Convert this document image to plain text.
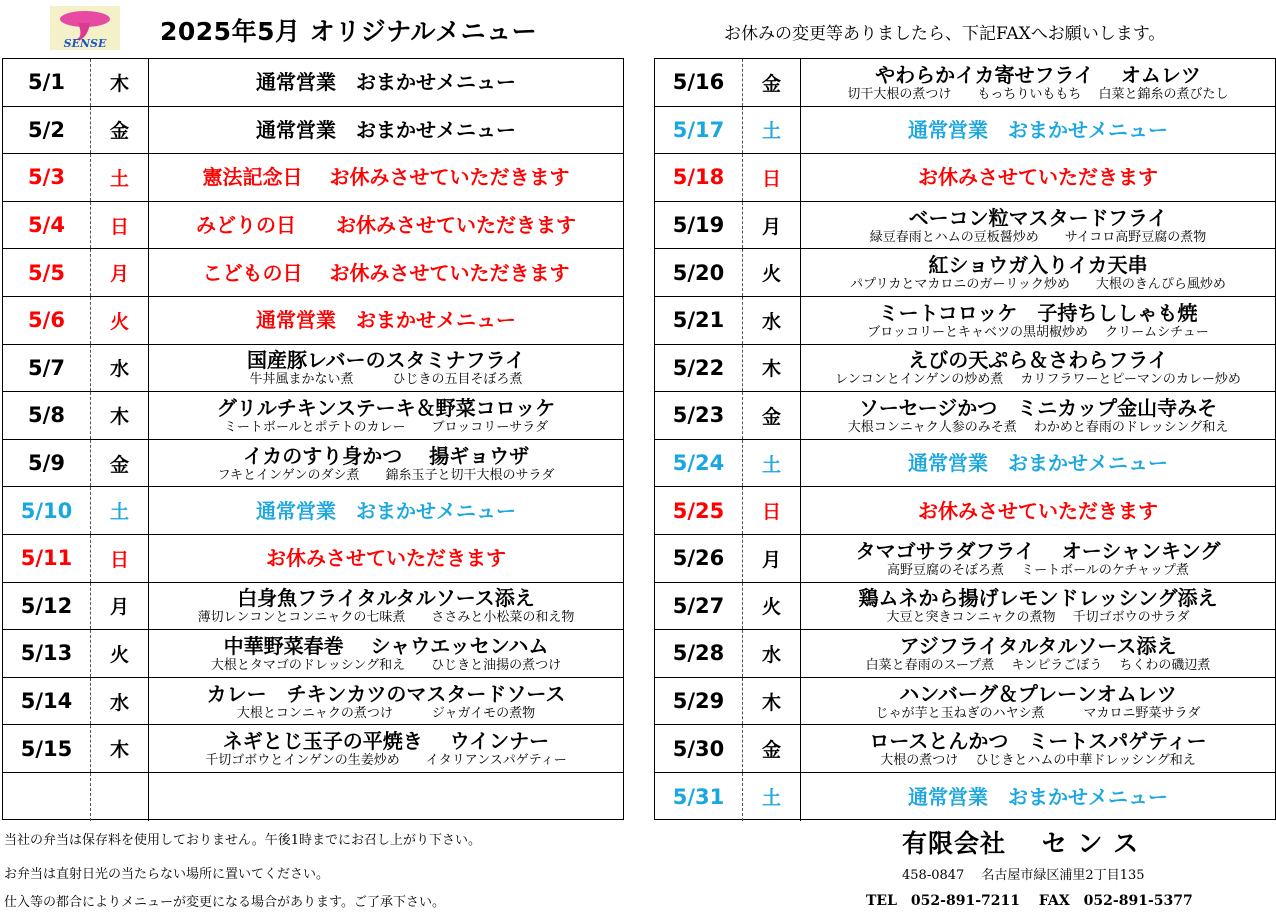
SENSE 2025年5月 オリジナルメニュー	お休みの変更等ありましたら、下記FAXへお願いします。
5/1	木	通常営業　おまかせメニュー
5/2	金	通常営業　おまかせメニュー
5/3	土	憲法記念日　 お休みさせていただきます
5/4	日	みどりの日　　お休みさせていただきます
5/5	月	こどもの日　 お休みさせていただきます
5/6	火	通常営業　おまかせメニュー
5/7	水	国産豚レバーのスタミナフライ
牛丼風まかない煮　　　ひじきの五目そぼろ煮
5/8	木	グリルチキンステーキ＆野菜コロッケ
ミートボールとポテトのカレー　　ブロッコリーサラダ
5/9	金	イカのすり身かつ　 揚ギョウザ
フキとインゲンのダシ煮　　錦糸玉子と切干大根のサラダ
5/10	土	通常営業　おまかせメニュー
5/11	日	お休みさせていただきます
5/12	月	白身魚フライタルタルソース添え
薄切レンコンとコンニャクの七味煮　　ささみと小松菜の和え物
5/13	火	中華野菜春巻　 シャウエッセンハム
大根とタマゴのドレッシング和え　　ひじきと油揚の煮つけ
5/14	水	カレー　チキンカツのマスタードソース
大根とコンニャクの煮つけ　　　ジャガイモの煮物
5/15	木	ネギとじ玉子の平焼き　 ウインナー
千切ゴボウとインゲンの生姜炒め　　イタリアンスパゲティー
5/16	金	やわらかイカ寄せフライ　 オムレツ
切干大根の煮つけ　　もっちりいももち　 白菜と錦糸の煮びたし
5/17	土	通常営業　おまかせメニュー
5/18	日	お休みさせていただきます
5/19	月	ベーコン粒マスタードフライ
緑豆春雨とハムの豆板醤炒め　　サイコロ高野豆腐の煮物
5/20	火	紅ショウガ入りイカ天串
パプリカとマカロニのガーリック炒め　　大根のきんぴら風炒め
5/21	水	ミートコロッケ　子持ちししゃも焼
ブロッコリーとキャベツの黒胡椒炒め　 クリームシチュー
5/22	木	えびの天ぷら＆さわらフライ
レンコンとインゲンの炒め煮　 カリフラワーとピーマンのカレー炒め
5/23	金	ソーセージかつ　ミニカップ金山寺みそ
大根コンニャク人参のみそ煮　 わかめと春雨のドレッシング和え
5/24	土	通常営業　おまかせメニュー
5/25	日	お休みさせていただきます
5/26	月	タマゴサラダフライ　 オーシャンキング
高野豆腐のそぼろ煮　 ミートボールのケチャップ煮
5/27	火	鶏ムネから揚げレモンドレッシング添え
大豆と突きコンニャクの煮物　 千切ゴボウのサラダ
5/28	水	アジフライタルタルソース添え
白菜と春雨のスープ煮　 キンピラごぼう　 ちくわの磯辺煮
5/29	木	ハンバーグ＆プレーンオムレツ
じゃが芋と玉ねぎのハヤシ煮　　　マカロニ野菜サラダ
5/30	金	ロースとんかつ　ミートスパゲティー
大根の煮つけ　 ひじきとハムの中華ドレッシング和え
5/31	土	通常営業　おまかせメニュー
当社の弁当は保存料を使用しておりません。午後1時までにお召し上がり下さい。
お弁当は直射日光の当たらない場所に置いてください。
仕入等の都合によりメニューが変更になる場合があります。ご了承下さい。
有限会社　 セ ン ス
458-0847　 名古屋市緑区浦里2丁目135
TEL　052-891-7211　 FAX　052-891-5377
